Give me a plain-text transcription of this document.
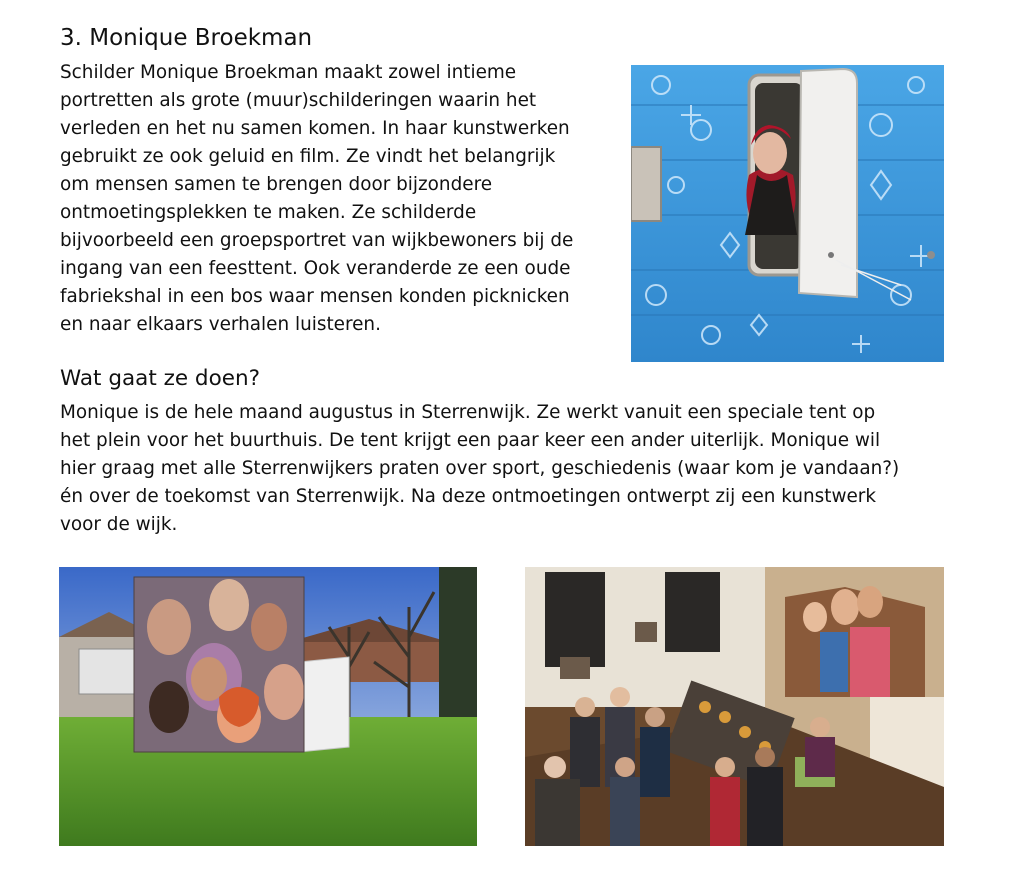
3. Monique Broekman
Schilder Monique Broekman maakt zowel intieme
portretten als grote (muur)schilderingen waarin het
verleden en het nu samen komen. In haar kunstwerken
gebruikt ze ook geluid en film. Ze vindt het belangrijk
om mensen samen te brengen door bijzondere
ontmoetingsplekken te maken. Ze schilderde
bijvoorbeeld een groepsportret van wijkbewoners bij de
ingang van een feesttent. Ook veranderde ze een oude
fabriekshal in een bos waar mensen konden picknicken
en naar elkaars verhalen luisteren.
Wat gaat ze doen?
Monique is de hele maand augustus in Sterrenwijk. Ze werkt vanuit een speciale tent op
het plein voor het buurthuis. De tent krijgt een paar keer een ander uiterlijk. Monique wil
hier graag met alle Sterrenwijkers praten over sport, geschiedenis (waar kom je vandaan?)
én over de toekomst van Sterrenwijk. Na deze ontmoetingen ontwerpt zij een kunstwerk
voor de wijk.
